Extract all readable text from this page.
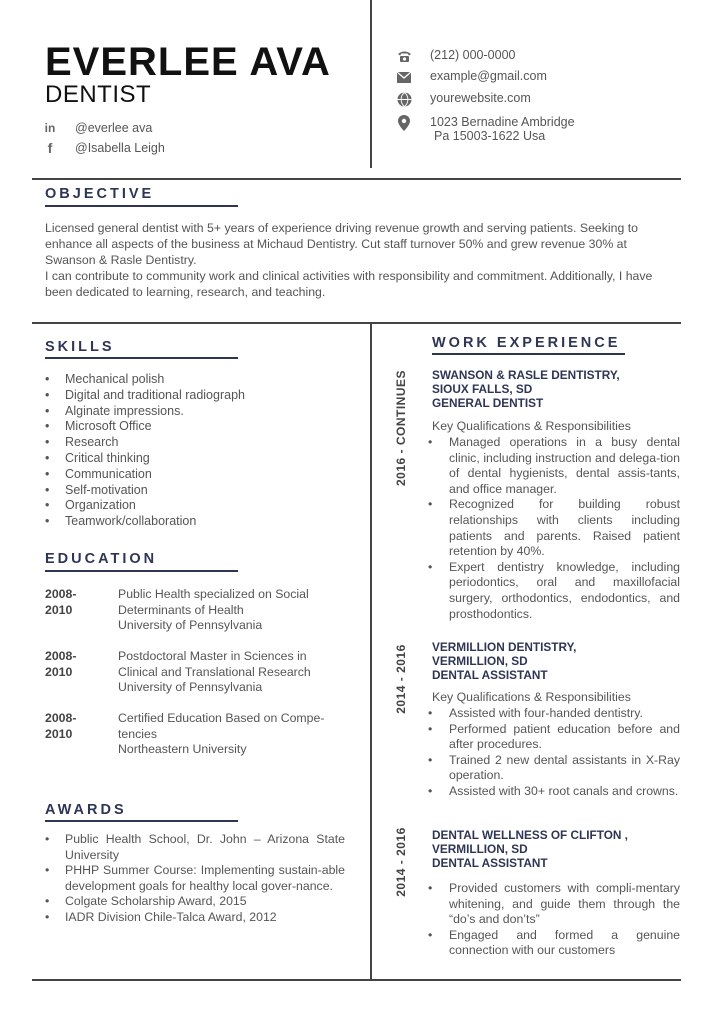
EVERLEE AVA
DENTIST
in @everlee ava
f	@Isabella Leigh
(212) 000-0000
example@gmail.com
yourewebsite.com
1023 Bernadine Ambridge
Pa 15003-1622 Usa
OBJECTIVE

Licensed general dentist with 5+ years of experience driving revenue growth and serving patients. Seeking to enhance all aspects of the business at Michaud Dentistry. Cut staff turnover 50% and grew revenue 30% at Swanson & Rasle Dentistry.

I can contribute to community work and clinical activities with responsibility and commitment. Additionally, I have been dedicated to learning, research, and teaching.

SKILLS
•	Mechanical polish
•	Digital and traditional radiograph
•	Alginate impressions.
•	Microsoft Office
•	Research
•	Critical thinking
•	Communication
•	Self-motivation
•	Organization
•	Teamwork/collaboration
EDUCATION
2008-
2010
Public Health specialized on Social
Determinants of Health
University of Pennsylvania
2008-
2010
Postdoctoral Master in Sciences in
Clinical and Translational Research
University of Pennsylvania
2008-
2010
Certified Education Based on Compe-
tencies
Northeastern University
AWARDS
•	Public Health School, Dr. John – Arizona State University
•	PHHP Summer Course: Implementing sustain-able development goals for healthy local gover-nance.
•	Colgate Scholarship Award, 2015
•	IADR Division Chile-Talca Award, 2012
WORK EXPERIENCE
2016 - CONTINUES SWANSON & RASLE DENTISTRY,
SIOUX FALLS, SD
GENERAL DENTIST
Key Qualifications & Responsibilities
•	Managed operations in a busy dental clinic, including instruction and delega-tion of dental hygienists, dental assis-tants, and office manager.
•	Recognized for building robust relationships with clients including patients and parents. Raised patient retention by 40%.
•	Expert dentistry knowledge, including periodontics, oral and maxillofacial surgery, orthodontics, endodontics, and prosthodontics.
2014 - 2016 VERMILLION DENTISTRY,
VERMILLION, SD
DENTAL ASSISTANT
Key Qualifications & Responsibilities
•	Assisted with four-handed dentistry.
•	Performed patient education before and after procedures.
•	Trained 2 new dental assistants in X-Ray operation.
•	Assisted with 30+ root canals and crowns.
2014 - 2016 DENTAL WELLNESS OF CLIFTON ,
VERMILLION, SD
DENTAL ASSISTANT
•	Provided customers with compli-mentary whitening, and guide them through the “do’s and don’ts”
•	Engaged and formed a genuine connection with our customers
